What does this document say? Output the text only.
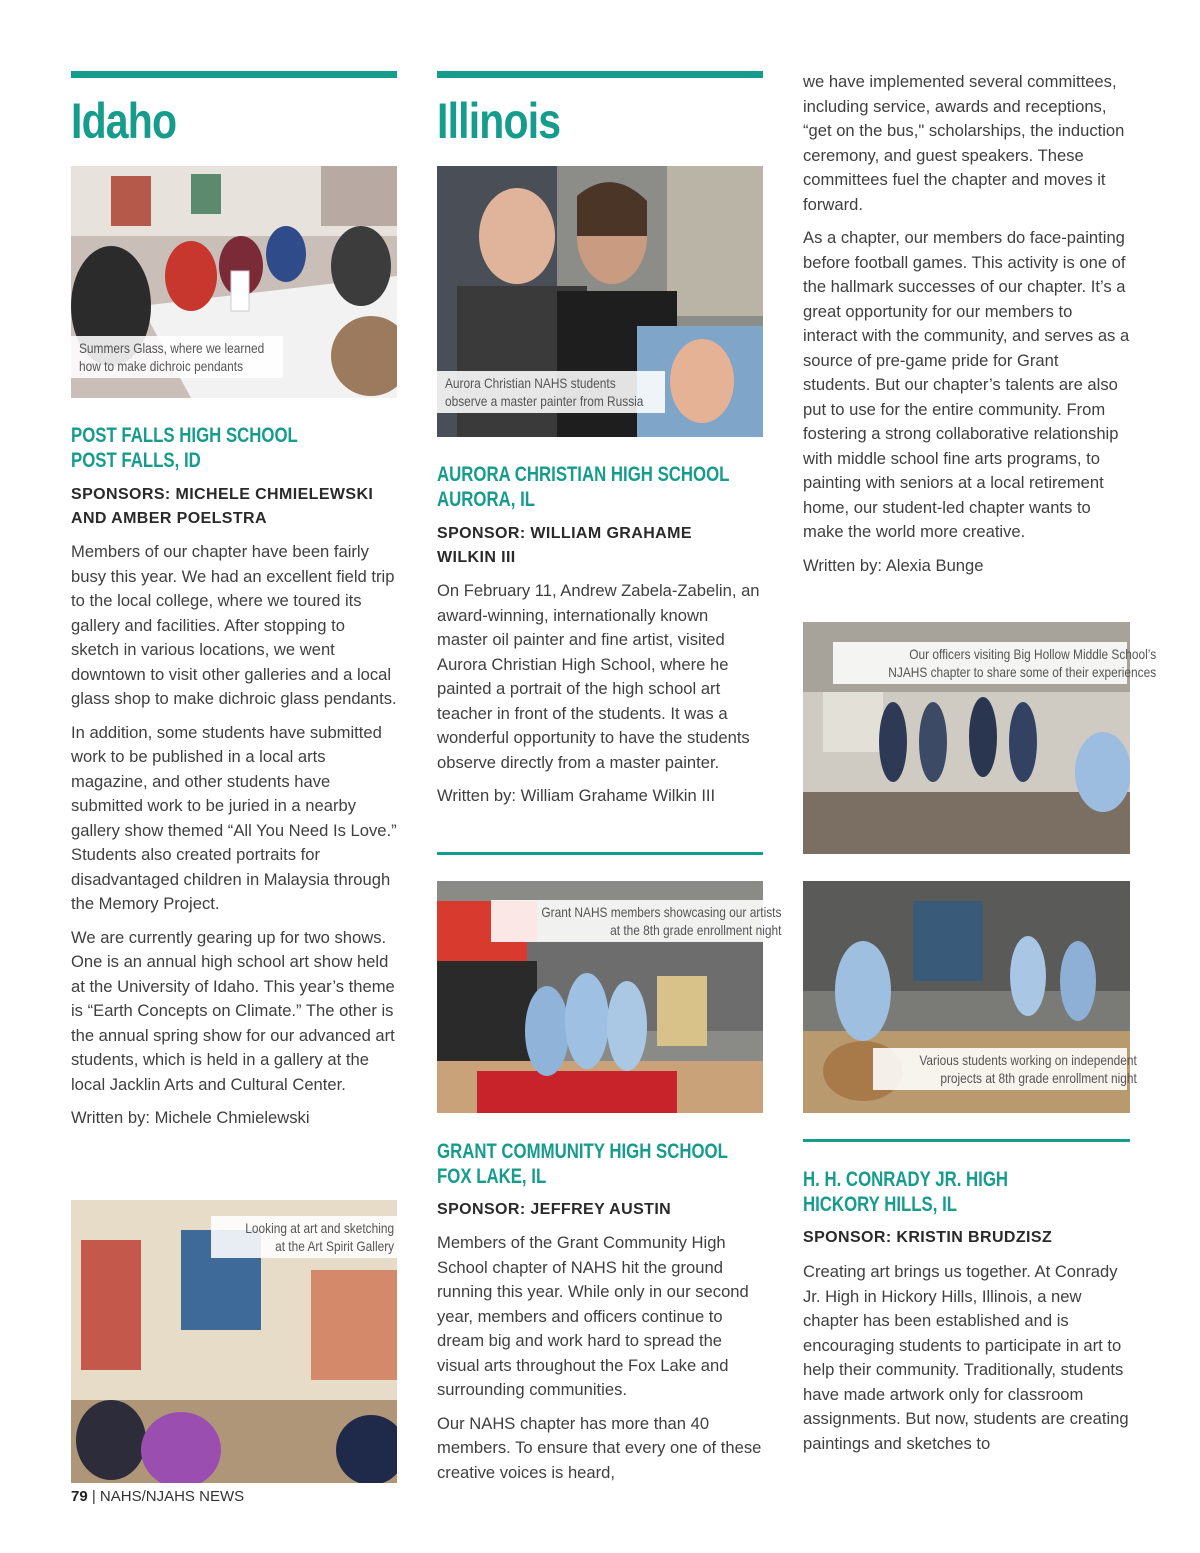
Idaho
Summers Glass, where we learned
how to make dichroic pendants
POST FALLS HIGH SCHOOL
POST FALLS, ID
SPONSORS: MICHELE CHMIELEWSKI
AND AMBER POELSTRA

Members of our chapter have been fairly busy this year. We had an excellent field trip to the local college, where we toured its gallery and facilities. After stopping to sketch in various locations, we went downtown to visit other galleries and a local glass shop to make dichroic glass pendants.

In addition, some students have submitted work to be published in a local arts magazine, and other students have submitted work to be juried in a nearby gallery show themed “All You Need Is Love.” Students also created portraits for disadvantaged children in Malaysia through the Memory Project.

We are currently gearing up for two shows. One is an annual high school art show held at the University of Idaho. This year’s theme is “Earth Concepts on Climate.” The other is the annual spring show for our advanced art students, which is held in a gallery at the local Jacklin Arts and Cultural Center.

Written by: Michele Chmielewski

Looking at art and sketching
at the Art Spirit Gallery
Illinois
Aurora Christian NAHS students
observe a master painter from Russia
AURORA CHRISTIAN HIGH SCHOOL
AURORA, IL
SPONSOR: WILLIAM GRAHAME
WILKIN III

On February 11, Andrew Zabela-Zabelin, an award-winning, internationally known master oil painter and fine artist, visited Aurora Christian High School, where he painted a portrait of the high school art teacher in front of the students. It was a wonderful opportunity to have the students observe directly from a master painter.

Written by: William Grahame Wilkin III

Grant NAHS members showcasing our artists
at the 8th grade enrollment night
GRANT COMMUNITY HIGH SCHOOL
FOX LAKE, IL
SPONSOR: JEFFREY AUSTIN

Members of the Grant Community High School chapter of NAHS hit the ground running this year. While only in our second year, members and officers continue to dream big and work hard to spread the visual arts throughout the Fox Lake and surrounding communities.

Our NAHS chapter has more than 40 members. To ensure that every one of these creative voices is heard,

we have implemented several committees, including service, awards and receptions, “get on the bus," scholarships, the induction ceremony, and guest speakers. These committees fuel the chapter and moves it forward.

As a chapter, our members do face-painting before football games. This activity is one of the hallmark successes of our chapter. It’s a great opportunity for our members to interact with the community, and serves as a source of pre-game pride for Grant students. But our chapter’s talents are also put to use for the entire community. From fostering a strong collaborative relationship with middle school fine arts programs, to painting with seniors at a local retirement home, our student-led chapter wants to make the world more creative.

Written by: Alexia Bunge

Our officers visiting Big Hollow Middle School’s
NJAHS chapter to share some of their experiences
Various students working on independent
projects at 8th grade enrollment night
H. H. CONRADY JR. HIGH
HICKORY HILLS, IL
SPONSOR: KRISTIN BRUDZISZ

Creating art brings us together. At Conrady Jr. High in Hickory Hills, Illinois, a new chapter has been established and is encouraging students to participate in art to help their community. Traditionally, students have made artwork only for classroom assignments. But now, students are creating paintings and sketches to

79 | NAHS/NJAHS NEWS
